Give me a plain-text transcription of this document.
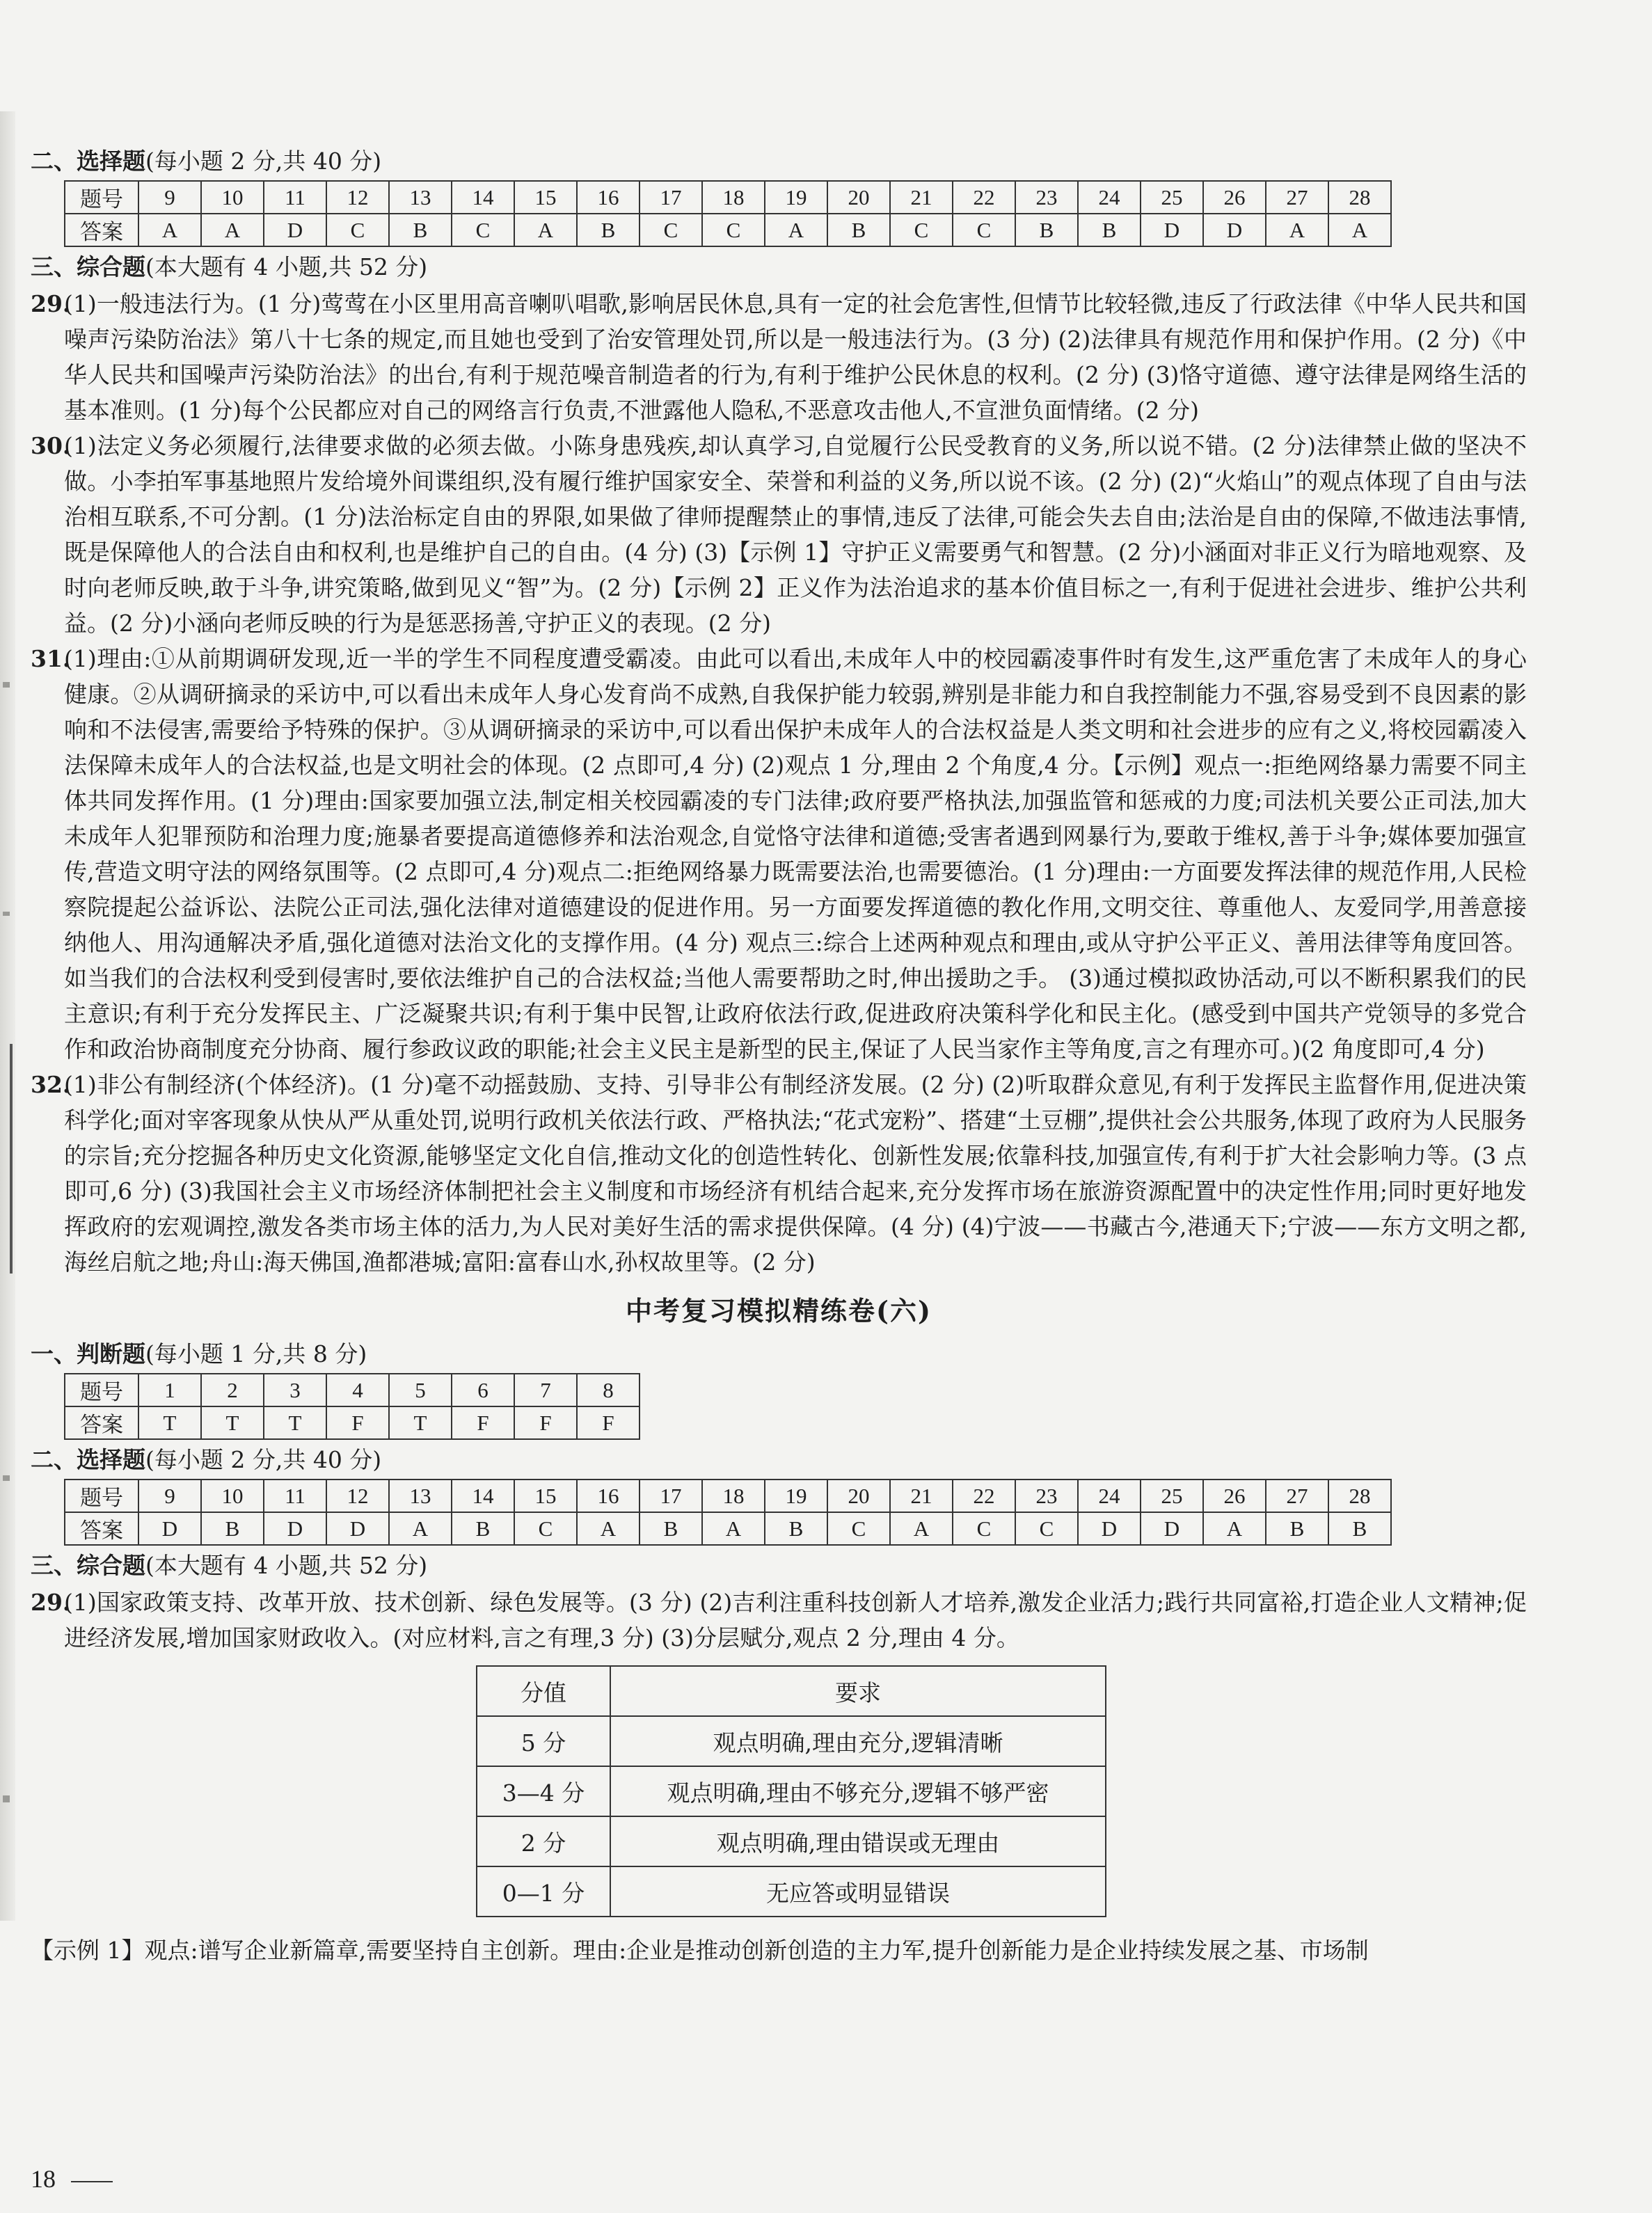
二、选择题(每小题 2 分,共 40 分)
题号	9	10	11	12	13	14	15	16	17	18	19	20	21	22	23	24	25	26	27	28
答案	A	A	D	C	B	C	A	B	C	C	A	B	C	C	B	B	D	D	A	A
三、综合题(本大题有 4 小题,共 52 分)

29.(1)一般违法行为。(1 分)莺莺在小区里用高音喇叭唱歌,影响居民休息,具有一定的社会危害性,但情节比较轻微,违反了行政法律《中华人民共和国噪声污染防治法》第八十七条的规定,而且她也受到了治安管理处罚,所以是一般违法行为。(3 分) (2)法律具有规范作用和保护作用。(2 分)《中华人民共和国噪声污染防治法》的出台,有利于规范噪音制造者的行为,有利于维护公民休息的权利。(2 分) (3)恪守道德、遵守法律是网络生活的基本准则。(1 分)每个公民都应对自己的网络言行负责,不泄露他人隐私,不恶意攻击他人,不宣泄负面情绪。(2 分)

30.(1)法定义务必须履行,法律要求做的必须去做。小陈身患残疾,却认真学习,自觉履行公民受教育的义务,所以说不错。(2 分)法律禁止做的坚决不做。小李拍军事基地照片发给境外间谍组织,没有履行维护国家安全、荣誉和利益的义务,所以说不该。(2 分) (2)“火焰山”的观点体现了自由与法治相互联系,不可分割。(1 分)法治标定自由的界限,如果做了律师提醒禁止的事情,违反了法律,可能会失去自由;法治是自由的保障,不做违法事情,既是保障他人的合法自由和权利,也是维护自己的自由。(4 分) (3)【示例 1】守护正义需要勇气和智慧。(2 分)小涵面对非正义行为暗地观察、及时向老师反映,敢于斗争,讲究策略,做到见义“智”为。(2 分)【示例 2】正义作为法治追求的基本价值目标之一,有利于促进社会进步、维护公共利益。(2 分)小涵向老师反映的行为是惩恶扬善,守护正义的表现。(2 分)

31.(1)理由:①从前期调研发现,近一半的学生不同程度遭受霸凌。由此可以看出,未成年人中的校园霸凌事件时有发生,这严重危害了未成年人的身心健康。②从调研摘录的采访中,可以看出未成年人身心发育尚不成熟,自我保护能力较弱,辨别是非能力和自我控制能力不强,容易受到不良因素的影响和不法侵害,需要给予特殊的保护。③从调研摘录的采访中,可以看出保护未成年人的合法权益是人类文明和社会进步的应有之义,将校园霸凌入法保障未成年人的合法权益,也是文明社会的体现。(2 点即可,4 分) (2)观点 1 分,理由 2 个角度,4 分。【示例】观点一:拒绝网络暴力需要不同主体共同发挥作用。(1 分)理由:国家要加强立法,制定相关校园霸凌的专门法律;政府要严格执法,加强监管和惩戒的力度;司法机关要公正司法,加大未成年人犯罪预防和治理力度;施暴者要提高道德修养和法治观念,自觉恪守法律和道德;受害者遇到网暴行为,要敢于维权,善于斗争;媒体要加强宣传,营造文明守法的网络氛围等。(2 点即可,4 分)观点二:拒绝网络暴力既需要法治,也需要德治。(1 分)理由:一方面要发挥法律的规范作用,人民检察院提起公益诉讼、法院公正司法,强化法律对道德建设的促进作用。另一方面要发挥道德的教化作用,文明交往、尊重他人、友爱同学,用善意接纳他人、用沟通解决矛盾,强化道德对法治文化的支撑作用。(4 分) 观点三:综合上述两种观点和理由,或从守护公平正义、善用法律等角度回答。如当我们的合法权利受到侵害时,要依法维护自己的合法权益;当他人需要帮助之时,伸出援助之手。 (3)通过模拟政协活动,可以不断积累我们的民主意识;有利于充分发挥民主、广泛凝聚共识;有利于集中民智,让政府依法行政,促进政府决策科学化和民主化。(感受到中国共产党领导的多党合作和政治协商制度充分协商、履行参政议政的职能;社会主义民主是新型的民主,保证了人民当家作主等角度,言之有理亦可。)(2 角度即可,4 分)

32.(1)非公有制经济(个体经济)。(1 分)毫不动摇鼓励、支持、引导非公有制经济发展。(2 分) (2)听取群众意见,有利于发挥民主监督作用,促进决策科学化;面对宰客现象从快从严从重处罚,说明行政机关依法行政、严格执法;“花式宠粉”、搭建“土豆棚”,提供社会公共服务,体现了政府为人民服务的宗旨;充分挖掘各种历史文化资源,能够坚定文化自信,推动文化的创造性转化、创新性发展;依靠科技,加强宣传,有利于扩大社会影响力等。(3 点即可,6 分) (3)我国社会主义市场经济体制把社会主义制度和市场经济有机结合起来,充分发挥市场在旅游资源配置中的决定性作用;同时更好地发挥政府的宏观调控,激发各类市场主体的活力,为人民对美好生活的需求提供保障。(4 分) (4)宁波——书藏古今,港通天下;宁波——东方文明之都,海丝启航之地;舟山:海天佛国,渔都港城;富阳:富春山水,孙权故里等。(2 分)

中考复习模拟精练卷(六)
一、判断题(每小题 1 分,共 8 分)
题号	1	2	3	4	5	6	7	8
答案	T	T	T	F	T	F	F	F
二、选择题(每小题 2 分,共 40 分)
题号	9	10	11	12	13	14	15	16	17	18	19	20	21	22	23	24	25	26	27	28
答案	D	B	D	D	A	B	C	A	B	A	B	C	A	C	C	D	D	A	B	B
三、综合题(本大题有 4 小题,共 52 分)

29.(1)国家政策支持、改革开放、技术创新、绿色发展等。(3 分) (2)吉利注重科技创新人才培养,激发企业活力;践行共同富裕,打造企业人文精神;促进经济发展,增加国家财政收入。(对应材料,言之有理,3 分) (3)分层赋分,观点 2 分,理由 4 分。

分值	要求
5 分	观点明确,理由充分,逻辑清晰
3—4 分	观点明确,理由不够充分,逻辑不够严密
2 分	观点明确,理由错误或无理由
0—1 分	无应答或明显错误

【示例 1】观点:谱写企业新篇章,需要坚持自主创新。理由:企业是推动创新创造的主力军,提升创新能力是企业持续发展之基、市场制

18
